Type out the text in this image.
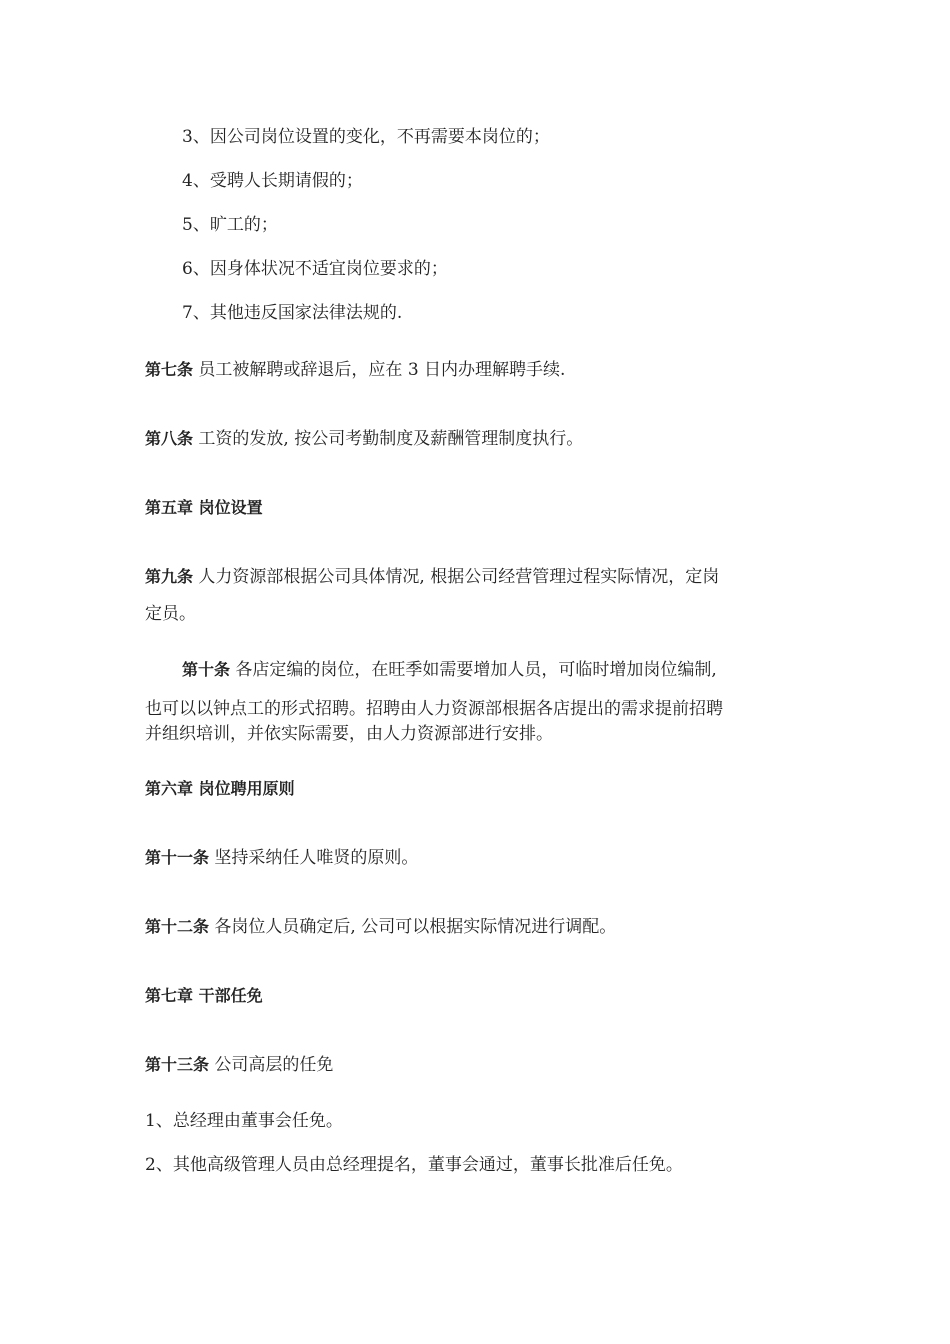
3、因公司岗位设置的变化，不再需要本岗位的；
4、受聘人长期请假的；
5、旷工的；
6、因身体状况不适宜岗位要求的；
7、其他违反国家法律法规的.
第七条 员工被解聘或辞退后，应在 3 日内办理解聘手续.
第八条 工资的发放, 按公司考勤制度及薪酬管理制度执行。
第五章 岗位设置
第九条 人力资源部根据公司具体情况, 根据公司经营管理过程实际情况，定岗
定员。
第十条 各店定编的岗位，在旺季如需要增加人员，可临时增加岗位编制,
也可以以钟点工的形式招聘。招聘由人力资源部根据各店提出的需求提前招聘
并组织培训，并依实际需要，由人力资源部进行安排。
第六章 岗位聘用原则
第十一条 坚持采纳任人唯贤的原则。
第十二条 各岗位人员确定后, 公司可以根据实际情况进行调配。
第七章 干部任免
第十三条 公司高层的任免
1、总经理由董事会任免。
2、其他高级管理人员由总经理提名，董事会通过，董事长批准后任免。
